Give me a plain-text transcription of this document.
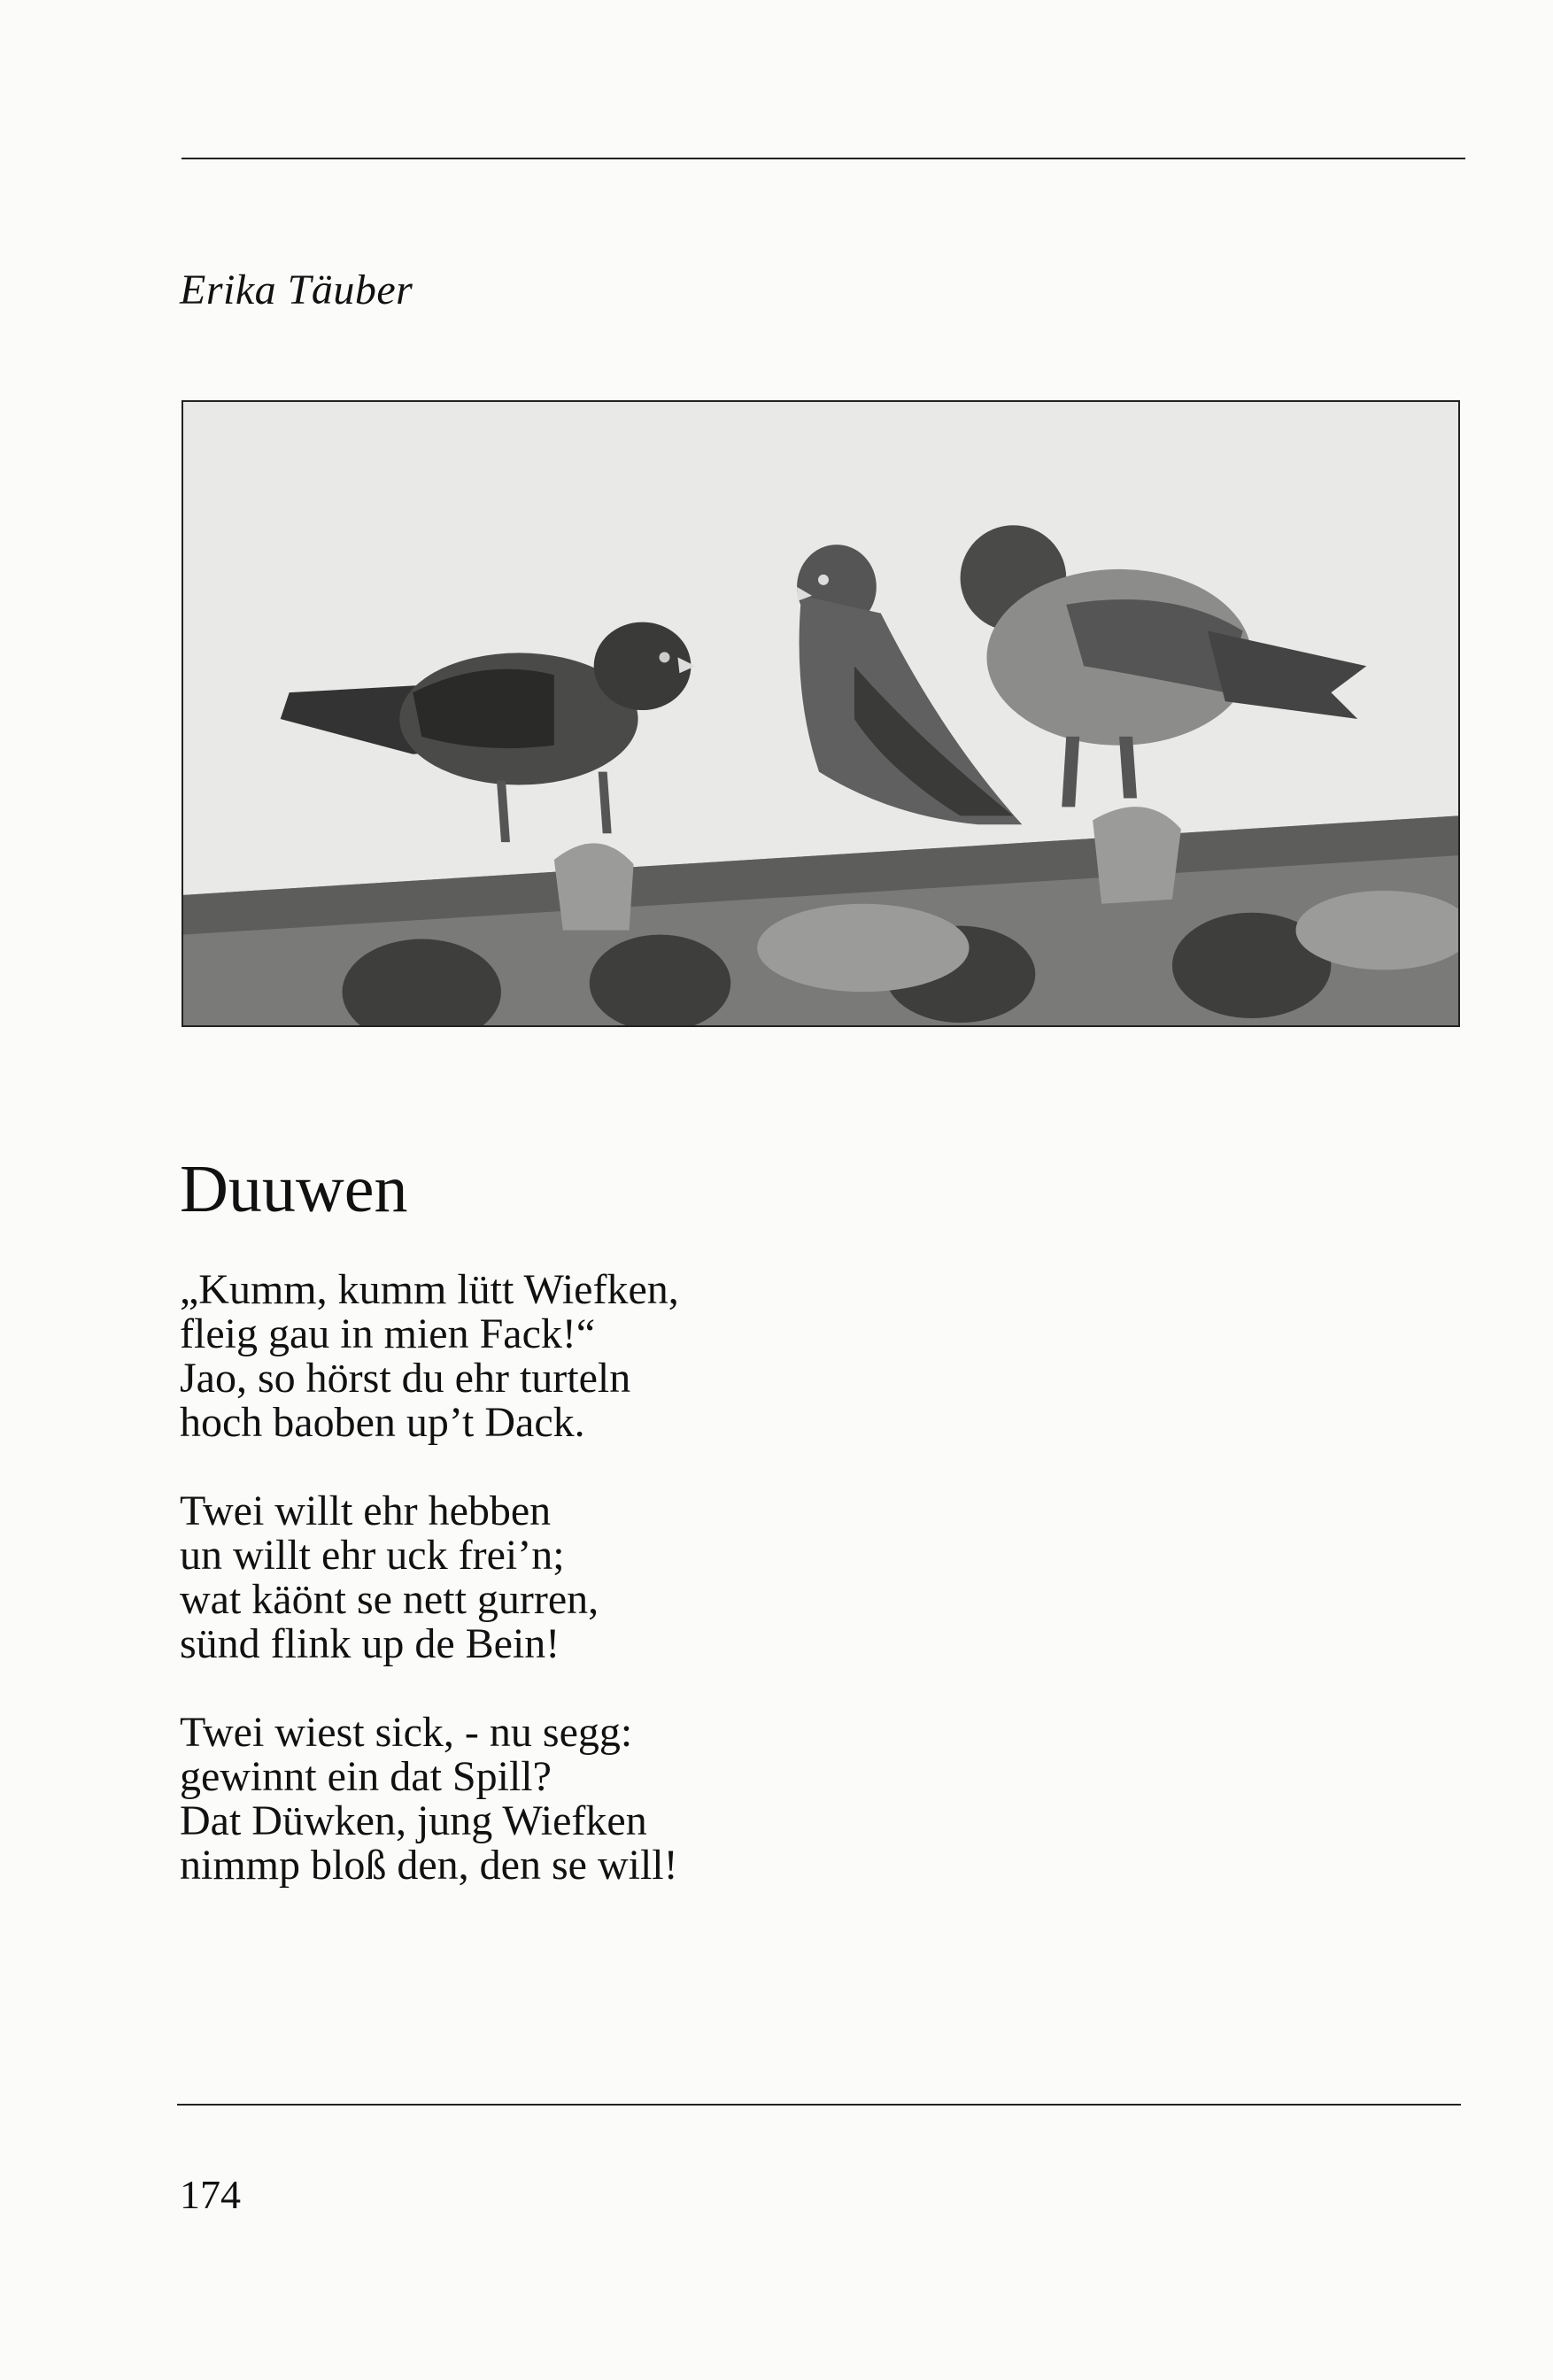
Erika Täuber
Duuwen
„Kumm, kumm lütt Wiefken,
fleig gau in mien Fack!“
Jao, so hörst du ehr turteln
hoch baoben up’t Dack.
Twei willt ehr hebben
un willt ehr uck frei’n;
wat käönt se nett gurren,
sünd flink up de Bein!
Twei wiest sick, - nu segg:
gewinnt ein dat Spill?
Dat Düwken, jung Wiefken
nimmp bloß den, den se will!
174
